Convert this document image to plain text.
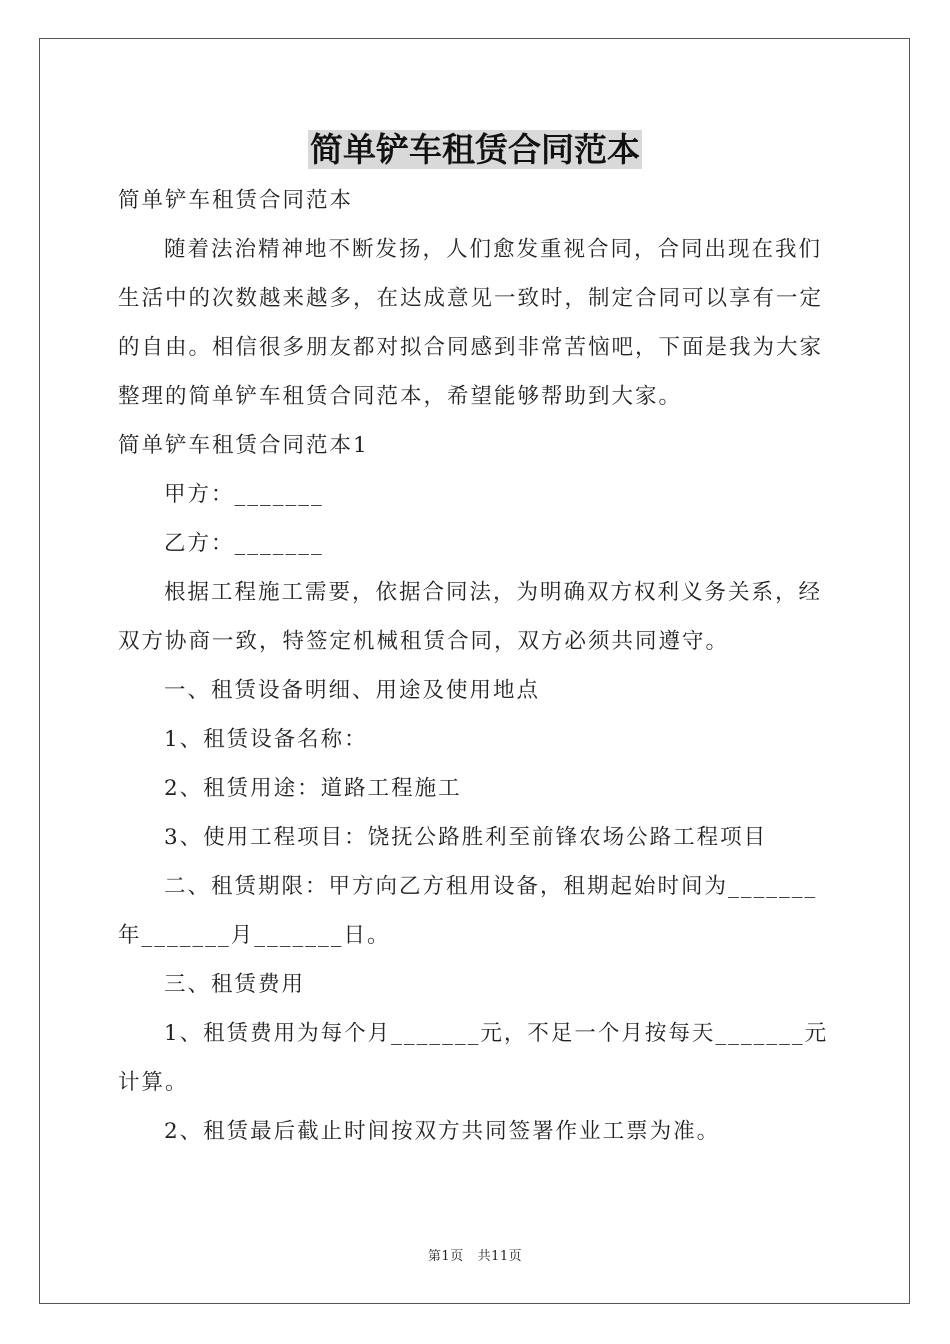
简单铲车租赁合同范本

简单铲车租赁合同范本

随着法治精神地不断发扬，人们愈发重视合同，合同出现在我们生活中的次数越来越多，在达成意见一致时，制定合同可以享有一定的自由。相信很多朋友都对拟合同感到非常苦恼吧，下面是我为大家整理的简单铲车租赁合同范本，希望能够帮助到大家。

简单铲车租赁合同范本1

甲方：_______

乙方：_______

根据工程施工需要，依据合同法，为明确双方权利义务关系，经双方协商一致，特签定机械租赁合同，双方必须共同遵守。

一、租赁设备明细、用途及使用地点

1、租赁设备名称：

2、租赁用途：道路工程施工

3、使用工程项目：饶抚公路胜利至前锋农场公路工程项目

二、租赁期限：甲方向乙方租用设备，租期起始时间为_______年_______月_______日。

三、租赁费用

1、租赁费用为每个月_______元，不足一个月按每天_______元计算。

2、租赁最后截止时间按双方共同签署作业工票为准。

第1页 共11页
